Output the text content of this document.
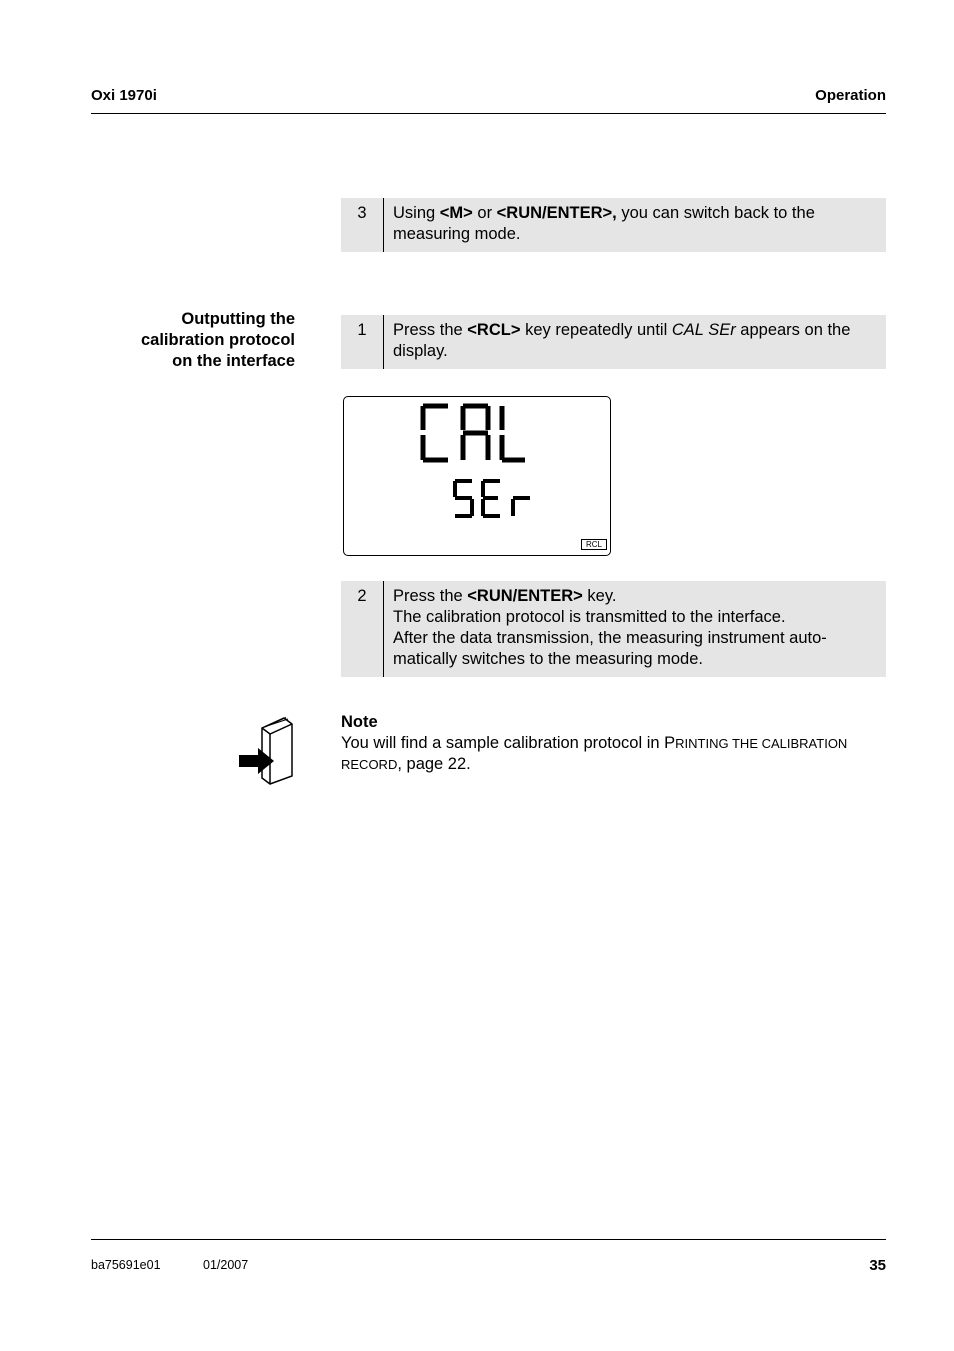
Oxi 1970i	Operation
3	Using <M> or <RUN/ENTER>, you can switch back to the measuring mode.
Outputting the
calibration protocol
on the interface
1	Press the <RCL> key repeatedly until CAL SEr appears on the display.
RCL
2	Press the <RUN/ENTER> key.
The calibration protocol is transmitted to the interface.
After the data transmission, the measuring instrument auto-matically switches to the measuring mode.
Note
You will find a sample calibration protocol in PRINTING THE CALIBRATION RECORD, page 22.
ba75691e01	01/2007	35
